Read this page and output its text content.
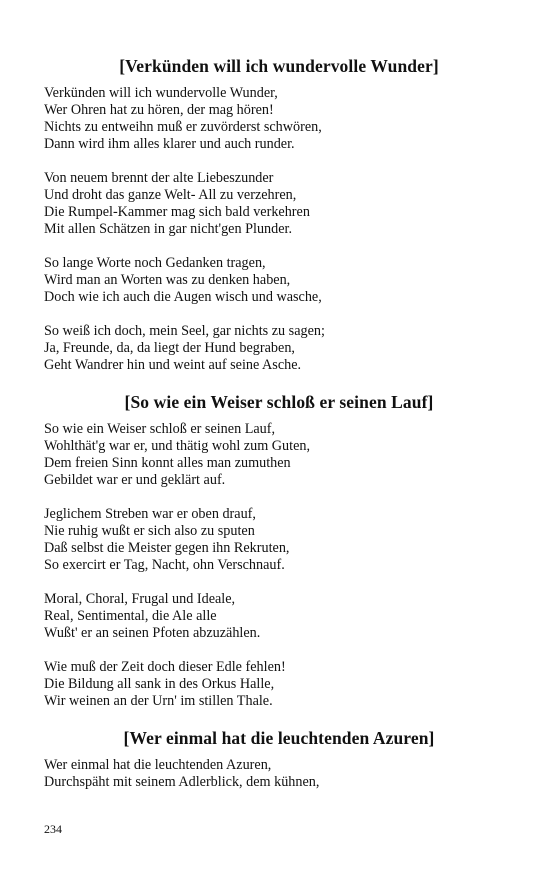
[Verkünden will ich wundervolle Wunder]
Verkünden will ich wundervolle Wunder,
Wer Ohren hat zu hören, der mag hören!
Nichts zu entweihn muß er zuvörderst schwören,
Dann wird ihm alles klarer und auch runder.
Von neuem brennt der alte Liebeszunder
Und droht das ganze Welt- All zu verzehren,
Die Rumpel-Kammer mag sich bald verkehren
Mit allen Schätzen in gar nicht'gen Plunder.
So lange Worte noch Gedanken tragen,
Wird man an Worten was zu denken haben,
Doch wie ich auch die Augen wisch und wasche,
So weiß ich doch, mein Seel, gar nichts zu sagen;
Ja, Freunde, da, da liegt der Hund begraben,
Geht Wandrer hin und weint auf seine Asche.
[So wie ein Weiser schloß er seinen Lauf]
So wie ein Weiser schloß er seinen Lauf,
Wohlthät'g war er, und thätig wohl zum Guten,
Dem freien Sinn konnt alles man zumuthen
Gebildet war er und geklärt auf.
Jeglichem Streben war er oben drauf,
Nie ruhig wußt er sich also zu sputen
Daß selbst die Meister gegen ihn Rekruten,
So exercirt er Tag, Nacht, ohn Verschnauf.
Moral, Choral, Frugal und Ideale,
Real, Sentimental, die Ale alle
Wußt' er an seinen Pfoten abzuzählen.
Wie muß der Zeit doch dieser Edle fehlen!
Die Bildung all sank in des Orkus Halle,
Wir weinen an der Urn' im stillen Thale.
[Wer einmal hat die leuchtenden Azuren]
Wer einmal hat die leuchtenden Azuren,
Durchspäht mit seinem Adlerblick, dem kühnen,
234
